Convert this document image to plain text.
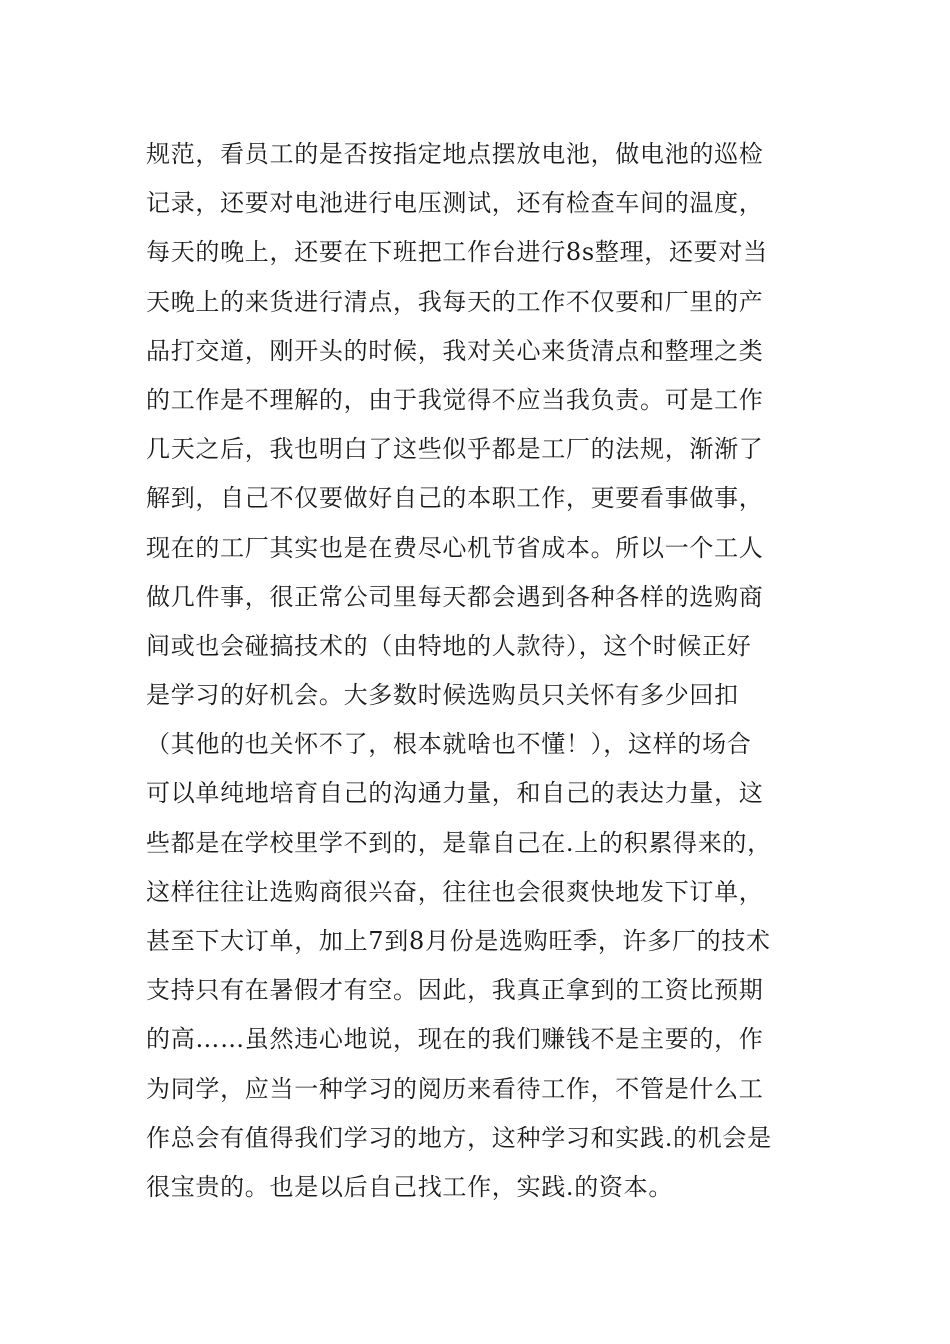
规范，看员工的是否按指定地点摆放电池，做电池的巡检
记录，还要对电池进行电压测试，还有检查车间的温度，
每天的晚上，还要在下班把工作台进行8s整理，还要对当
天晚上的来货进行清点，我每天的工作不仅要和厂里的产
品打交道，刚开头的时候，我对关心来货清点和整理之类
的工作是不理解的，由于我觉得不应当我负责。可是工作
几天之后，我也明白了这些似乎都是工厂的法规，渐渐了
解到，自己不仅要做好自己的本职工作，更要看事做事，
现在的工厂其实也是在费尽心机节省成本。所以一个工人
做几件事，很正常公司里每天都会遇到各种各样的选购商
间或也会碰搞技术的（由特地的人款待），这个时候正好
是学习的好机会。大多数时候选购员只关怀有多少回扣
（其他的也关怀不了，根本就啥也不懂！），这样的场合
可以单纯地培育自己的沟通力量，和自己的表达力量，这
些都是在学校里学不到的，是靠自己在.上的积累得来的，
这样往往让选购商很兴奋，往往也会很爽快地发下订单，
甚至下大订单，加上7到8月份是选购旺季，许多厂的技术
支持只有在暑假才有空。因此，我真正拿到的工资比预期
的高……虽然违心地说，现在的我们赚钱不是主要的，作
为同学，应当一种学习的阅历来看待工作，不管是什么工
作总会有值得我们学习的地方，这种学习和实践.的机会是
很宝贵的。也是以后自己找工作，实践.的资本。
